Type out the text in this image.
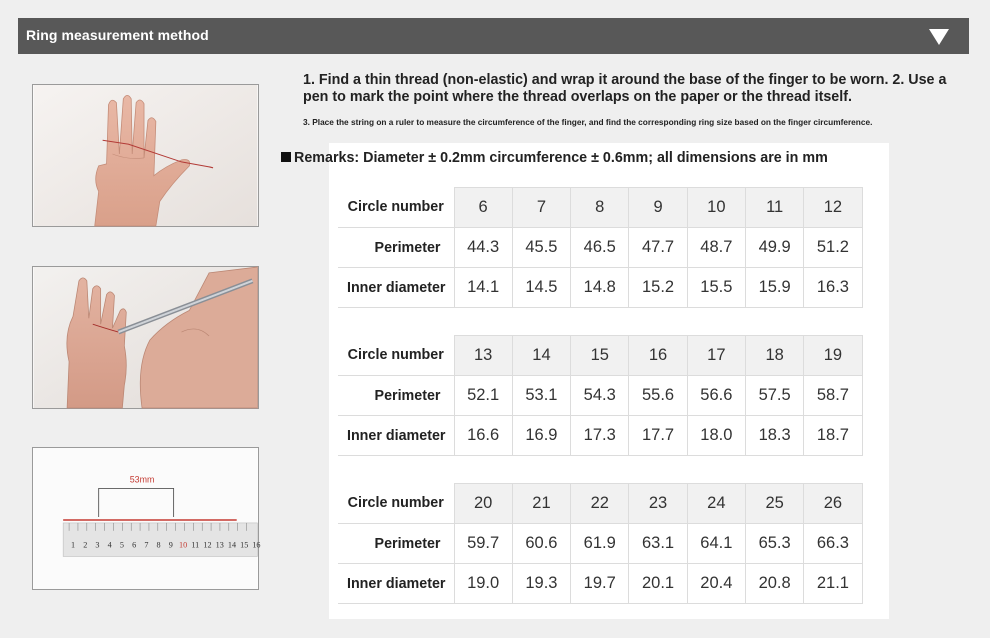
Ring measurement method
53mm
1 2 3 4 5 6 7 8 9 10 11 12 13 14 15 16
1. Find a thin thread (non-elastic) and wrap it around the base of the finger to be worn. 2. Use a pen to mark the point where the thread overlaps on the paper or the thread itself.
3. Place the string on a ruler to measure the circumference of the finger, and find the corresponding ring size based on the finger circumference.
Remarks: Diameter ± 0.2mm circumference ± 0.6mm; all dimensions are in mm
Circle number	6	7	8	9	10	11	12
Perimeter	44.3	45.5	46.5	47.7	48.7	49.9	51.2
Inner diameter	14.1	14.5	14.8	15.2	15.5	15.9	16.3
Circle number	13	14	15	16	17	18	19
Perimeter	52.1	53.1	54.3	55.6	56.6	57.5	58.7
Inner diameter	16.6	16.9	17.3	17.7	18.0	18.3	18.7
Circle number	20	21	22	23	24	25	26
Perimeter	59.7	60.6	61.9	63.1	64.1	65.3	66.3
Inner diameter	19.0	19.3	19.7	20.1	20.4	20.8	21.1
